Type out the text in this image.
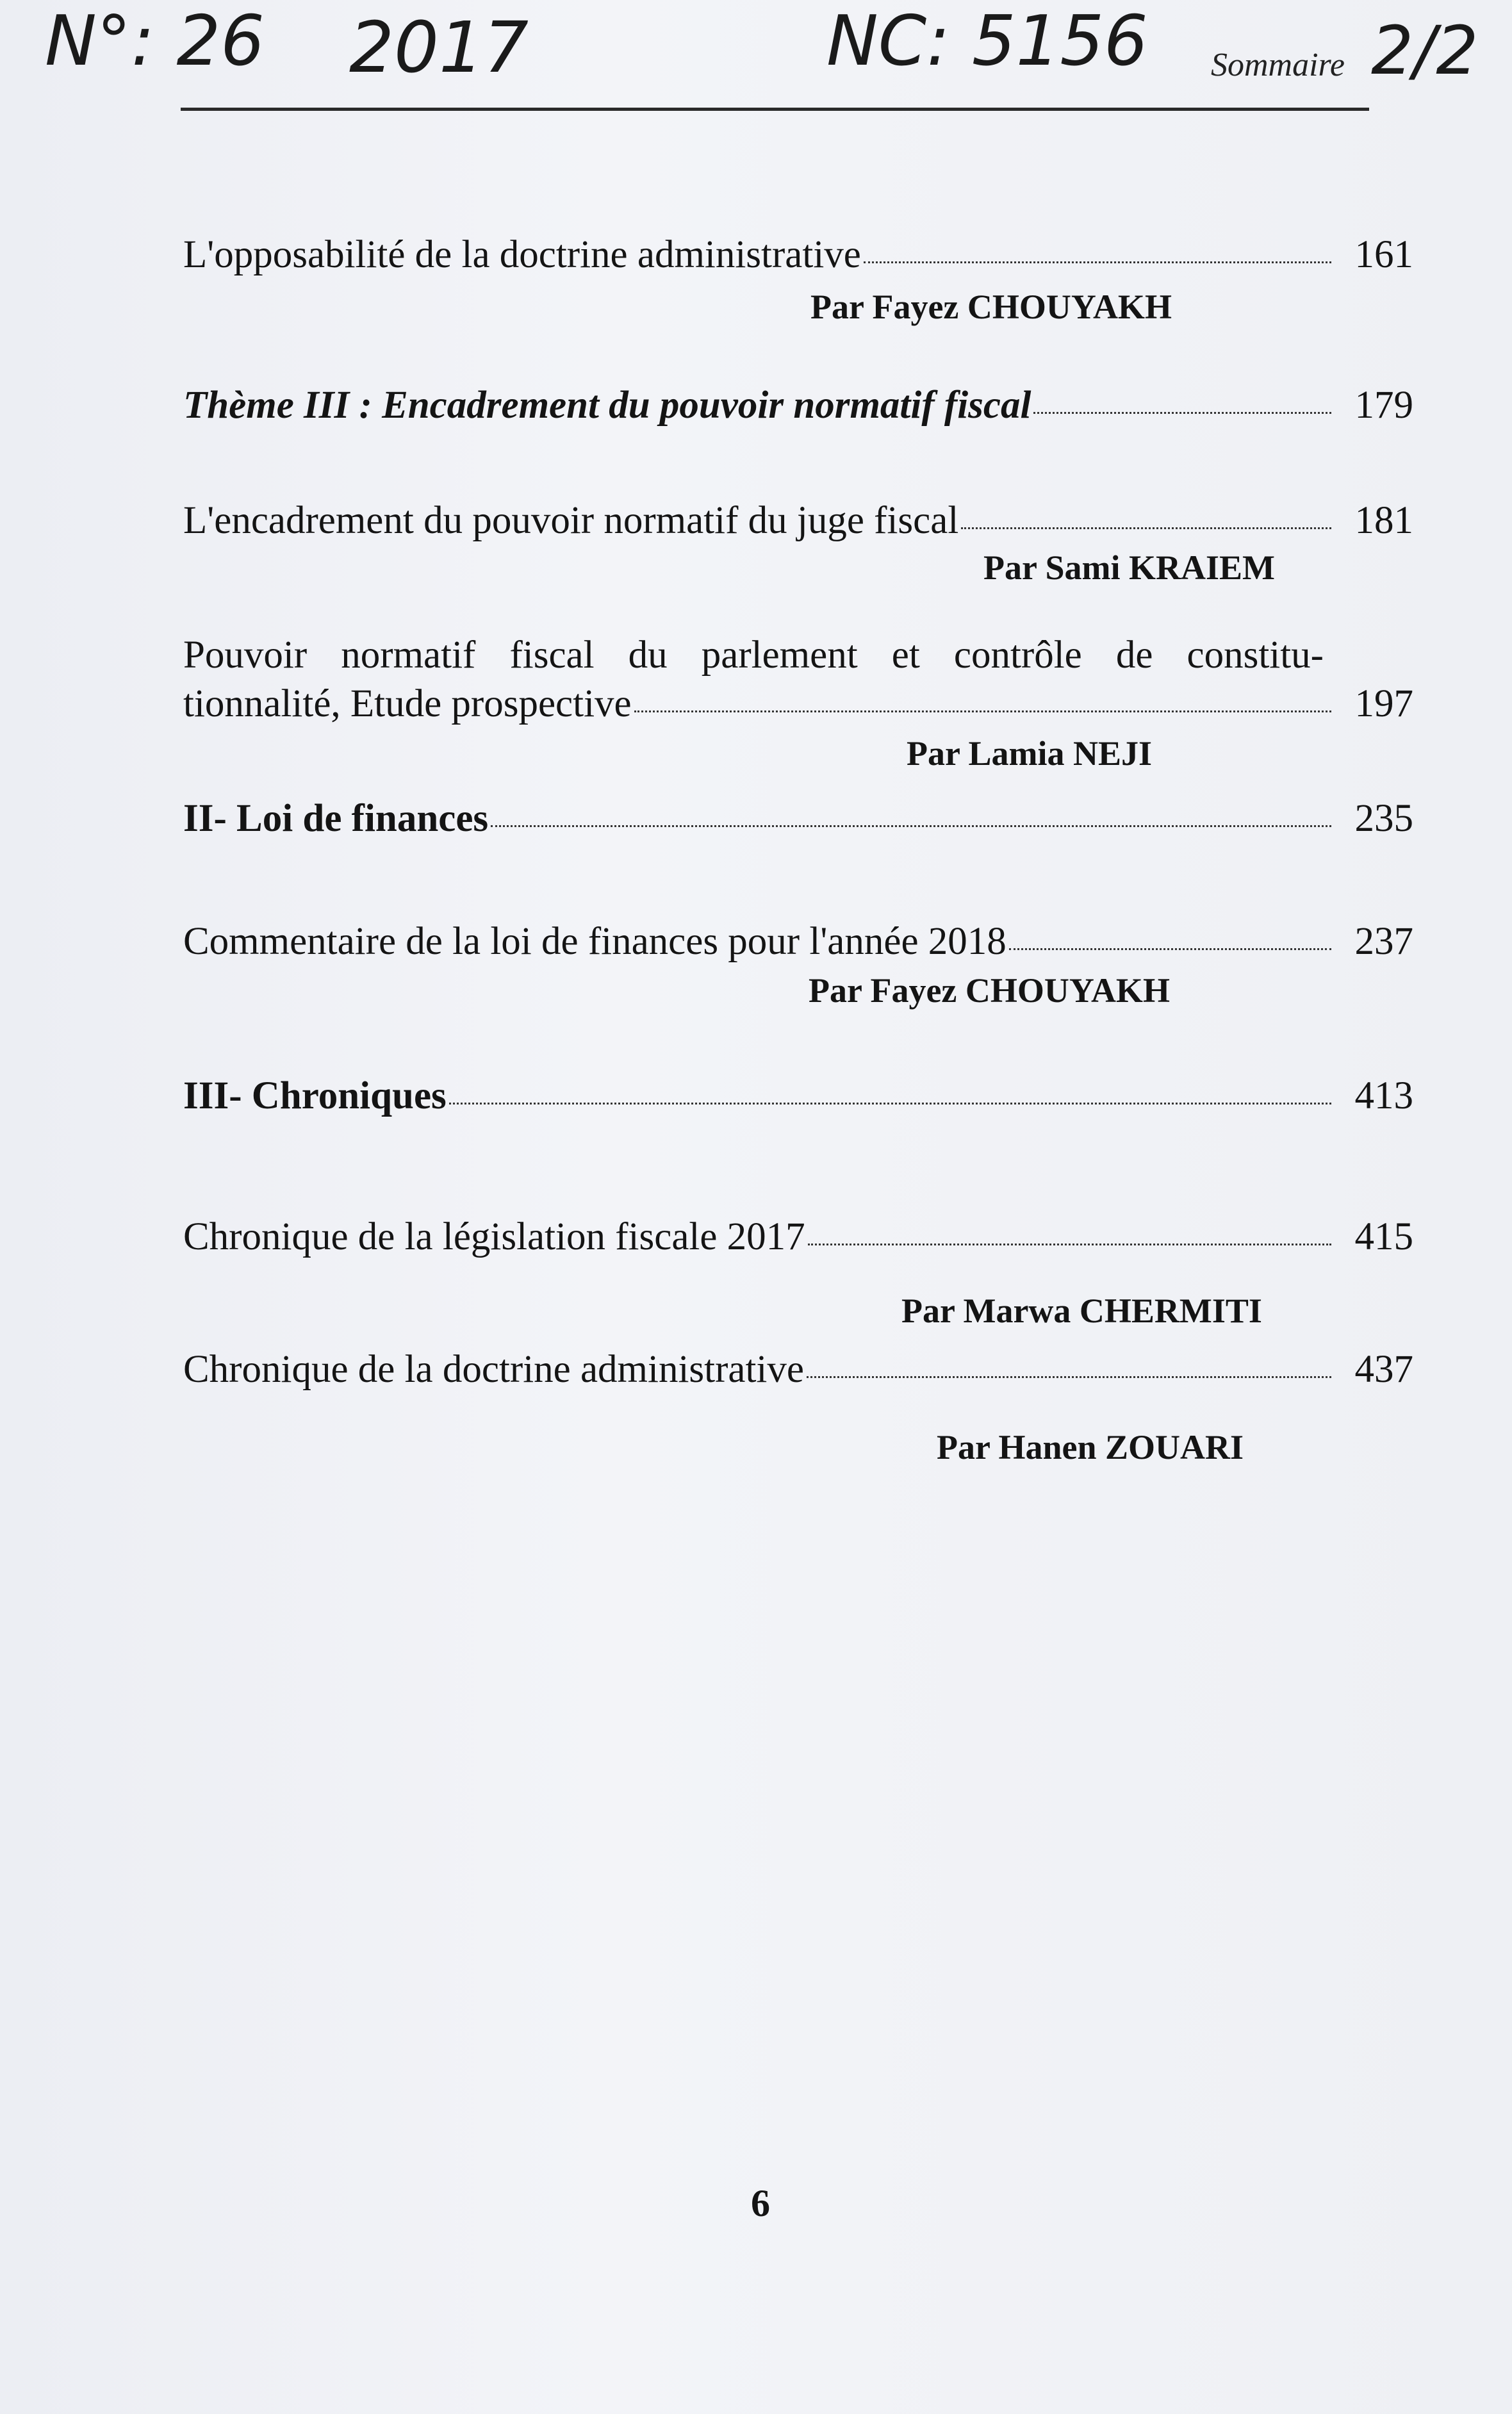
N°: 26 2017	NC: 5156	2/2
Sommaire
L'opposabilité de la doctrine administrative	161
Par Fayez CHOUYAKH
Thème III : Encadrement du pouvoir normatif fiscal	179
L'encadrement du pouvoir normatif du juge fiscal	181
Par Sami KRAIEM
Pouvoir normatif fiscal du parlement et contrôle de constitu-
tionnalité, Etude prospective	197
Par Lamia NEJI
II- Loi de finances	235
Commentaire de la loi de finances pour l'année 2018	237
Par Fayez CHOUYAKH
III- Chroniques	413
Chronique de la législation fiscale 2017	415
Par Marwa CHERMITI
Chronique de la doctrine administrative	437
Par Hanen ZOUARI
6
